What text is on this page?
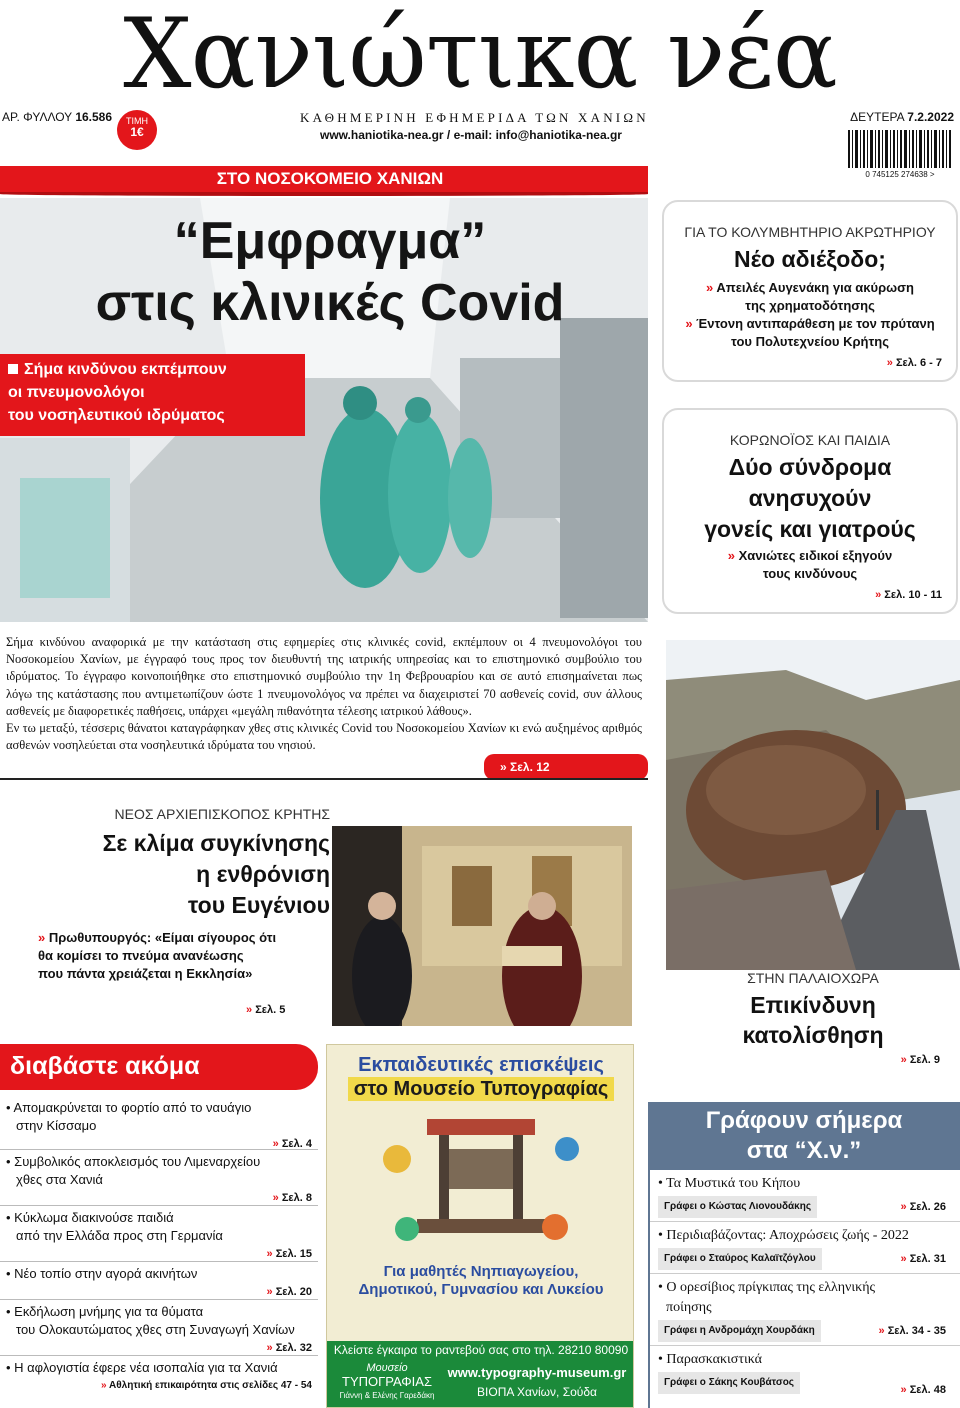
Χανιώτικα νέα
ΑΡ. ΦΥΛΛΟΥ 16.586	ΤΙΜΗ
1€
ΚΑΘΗΜΕΡΙΝΗ ΕΦΗΜΕΡΙΔΑ ΤΩΝ ΧΑΝΙΩΝ	ΔΕΥΤΕΡΑ 7.2.2022
www.haniotika-nea.gr / e-mail: info@haniotika-nea.gr
0 745125 274638 >
ΣΤΟ ΝΟΣΟΚΟΜΕΙΟ ΧΑΝΙΩΝ
“Εμφραγμα”
στις κλινικές Covid
Σήμα κινδύνου εκπέμπουν
οι πνευμονολόγοι
του νοσηλευτικού ιδρύματος
ΓΙΑ ΤΟ ΚΟΛΥΜΒΗΤΗΡΙΟ ΑΚΡΩΤΗΡΙΟΥ
Νέο αδιέξοδο;
» Απειλές Αυγενάκη για ακύρωση
της χρηματοδότησης
» Έντονη αντιπαράθεση με τον πρύτανη
του Πολυτεχνείου Κρήτης
» Σελ. 6 - 7
ΚΟΡΩΝΟΪΟΣ ΚΑΙ ΠΑΙΔΙΑ
Δύο σύνδρομα
ανησυχούν
γονείς και γιατρούς
» Χανιώτες ειδικοί εξηγούν
τους κινδύνους
» Σελ. 10 - 11

Σήμα κινδύνου αναφορικά με την κατάσταση στις εφημερίες στις κλινικές covid, εκπέμπουν οι 4 πνευμονολόγοι του Νοσοκομείου Χανίων, με έγγραφό τους προς τον διευθυντή της ιατρικής υπηρεσίας και το επιστημονικό συμβούλιο του ιδρύματος. Το έγγραφο κοινοποιήθηκε στο επιστημονικό συμβούλιο την 1η Φεβρουαρίου και σε αυτό επισημαίνεται πως λόγω της κατάστασης που αντιμετωπίζουν ώστε 1 πνευμονολόγος να πρέπει να διαχειριστεί 70 ασθενείς covid, συν άλλους ασθενείς με διαφορετικές παθήσεις, υπάρχει «μεγάλη πιθανότητα τέλεσης ιατρικού λάθους».

Εν τω μεταξύ, τέσσερις θάνατοι καταγράφηκαν χθες στις κλινικές Covid του Νοσοκομείου Χανίων κι ενώ αυξημένος αριθμός ασθενών νοσηλεύεται στα νοσηλευτικά ιδρύματα του νησιού.

» Σελ. 12
ΣΤΗΝ ΠΑΛΑΙΟΧΩΡΑ
Επικίνδυνη
κατολίσθηση
» Σελ. 9
ΝΕΟΣ ΑΡΧΙΕΠΙΣΚΟΠΟΣ ΚΡΗΤΗΣ
Σε κλίμα συγκίνησης
η ενθρόνιση
του Ευγένιου
» Πρωθυπουργός: «Είμαι σίγουρος ότι
θα κομίσει το πνεύμα ανανέωσης
που πάντα χρειάζεται η Εκκλησία»
» Σελ. 5
διαβάστε ακόμα
• Απομακρύνεται το φορτίο από το ναυάγιο
στην Κίσσαμο
» Σελ. 4
• Συμβολικός αποκλεισμός του Λιμεναρχείου
χθες στα Χανιά
» Σελ. 8
• Κύκλωμα διακινούσε παιδιά
από την Ελλάδα προς στη Γερμανία
» Σελ. 15
• Νέο τοπίο στην αγορά ακινήτων
» Σελ. 20
• Εκδήλωση μνήμης για τα θύματα
του Ολοκαυτώματος χθες στη Συναγωγή Χανίων
» Σελ. 32
• Η αφλογιστία έφερε νέα ισοπαλία για τα Χανιά
» Αθλητική επικαιρότητα στις σελίδες 47 - 54
Εκπαιδευτικές επισκέψεις
στο Μουσείο Τυπογραφίας
Για μαθητές Νηπιαγωγείου,
Δημοτικού, Γυμνασίου και Λυκείου
Κλείστε έγκαιρα το ραντεβού σας στο τηλ. 28210 80090
Μουσείο
ΤΥΠΟΓΡΑΦΙΑΣ
Γιάννη & Ελένης Γαρεδάκη
www.typography-museum.gr
ΒΙΟΠΑ Χανίων, Σούδα
Γράφουν σήμερα
στα “Χ.ν.”
• Τα Μυστικά του Κήπου
Γράφει ο Κώστας Λιονουδάκης	» Σελ. 26
• Περιδιαβάζοντας: Αποχρώσεις ζωής - 2022
Γράφει ο Σταύρος Καλαϊτζόγλου	» Σελ. 31
• Ο ορεσίβιος πρίγκιπας της ελληνικής
ποίησης
Γράφει η Ανδρομάχη Χουρδάκη	» Σελ. 34 - 35
• Παρασκακιστικά
Γράφει ο Σάκης Κουβάτσος
» Σελ. 48
